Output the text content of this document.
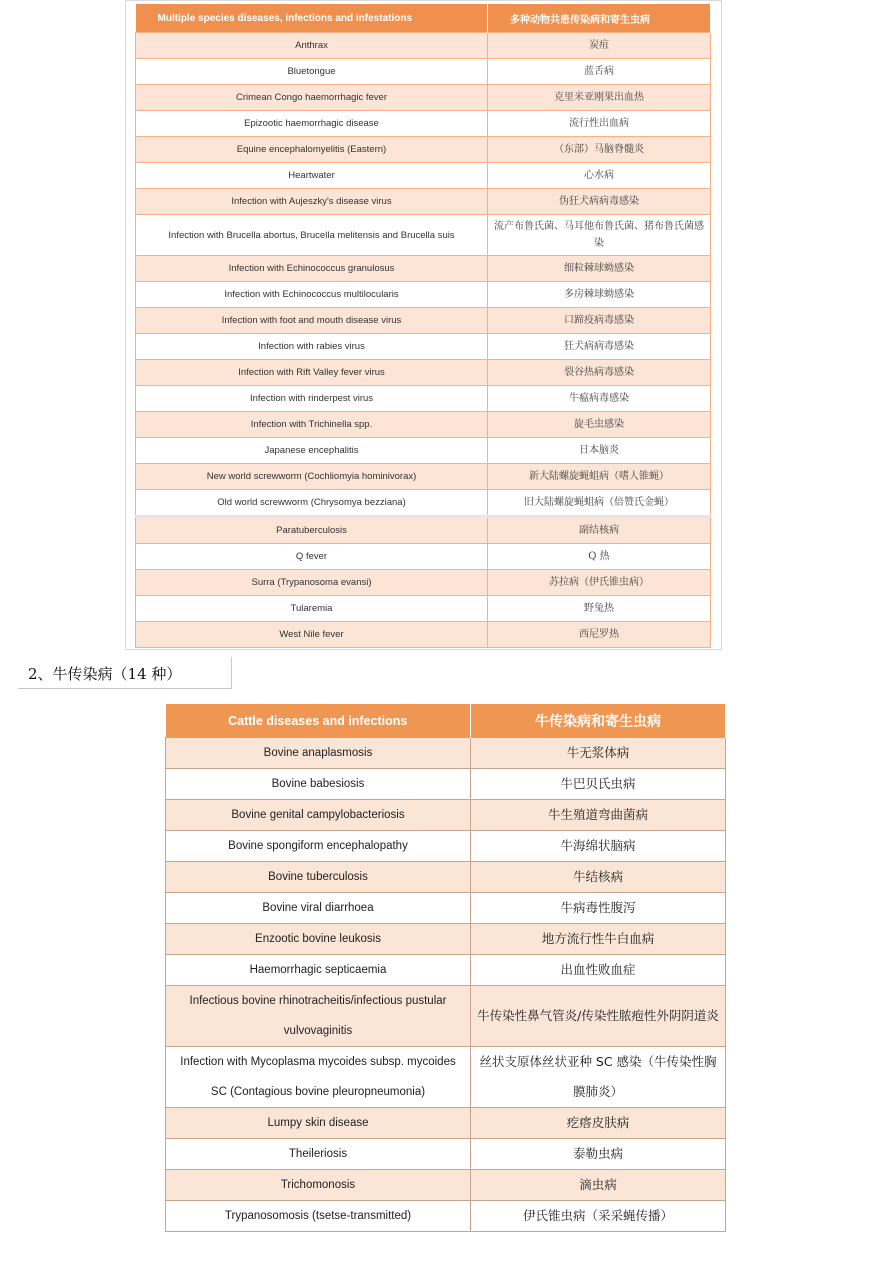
Multiple species diseases, infections and infestations	多种动物共患传染病和寄生虫病
Anthrax	炭疽
Bluetongue	蓝舌病
Crimean Congo haemorrhagic fever	克里米亚刚果出血热
Epizootic haemorrhagic disease	流行性出血病
Equine encephalomyelitis (Eastern)	（东部）马脑脊髓炎
Heartwater	心水病
Infection with Aujeszky's disease virus	伪狂犬病病毒感染
Infection with Brucella abortus, Brucella melitensis and Brucella suis	流产布鲁氏菌、马耳他布鲁氏菌、猪布鲁氏菌感染
Infection with Echinococcus granulosus	细粒棘球蚴感染
Infection with Echinococcus multilocularis	多房棘球蚴感染
Infection with foot and mouth disease virus	口蹄疫病毒感染
Infection with rabies virus	狂犬病病毒感染
Infection with Rift Valley fever virus	裂谷热病毒感染
Infection with rinderpest virus	牛瘟病毒感染
Infection with Trichinella spp.	旋毛虫感染
Japanese encephalitis	日本脑炎
New world screwworm (Cochliomyia hominivorax)	新大陆螺旋蝇蛆病（嗜人锥蝇）
Old world screwworm (Chrysomya bezziana)	旧大陆螺旋蝇蛆病（倍赞氏金蝇）
Paratuberculosis	副结核病
Q fever	Q 热
Surra (Trypanosoma evansi)	苏拉病（伊氏锥虫病）
Tularemia	野兔热
West Nile fever	西尼罗热
2、牛传染病（14 种）
Cattle diseases and infections	牛传染病和寄生虫病
Bovine anaplasmosis	牛无浆体病
Bovine babesiosis	牛巴贝氏虫病
Bovine genital campylobacteriosis	牛生殖道弯曲菌病
Bovine spongiform encephalopathy	牛海绵状脑病
Bovine tuberculosis	牛结核病
Bovine viral diarrhoea	牛病毒性腹泻
Enzootic bovine leukosis	地方流行性牛白血病
Haemorrhagic septicaemia	出血性败血症
Infectious bovine rhinotracheitis/infectious pustular vulvovaginitis	牛传染性鼻气管炎/传染性脓疱性外阴阴道炎
Infection with Mycoplasma mycoides subsp. mycoides SC (Contagious bovine pleuropneumonia)	丝状支原体丝状亚种 SC 感染（牛传染性胸膜肺炎）
Lumpy skin disease	疙瘩皮肤病
Theileriosis	泰勒虫病
Trichomonosis	滴虫病
Trypanosomosis (tsetse-transmitted)	伊氏锥虫病（采采蝇传播）
